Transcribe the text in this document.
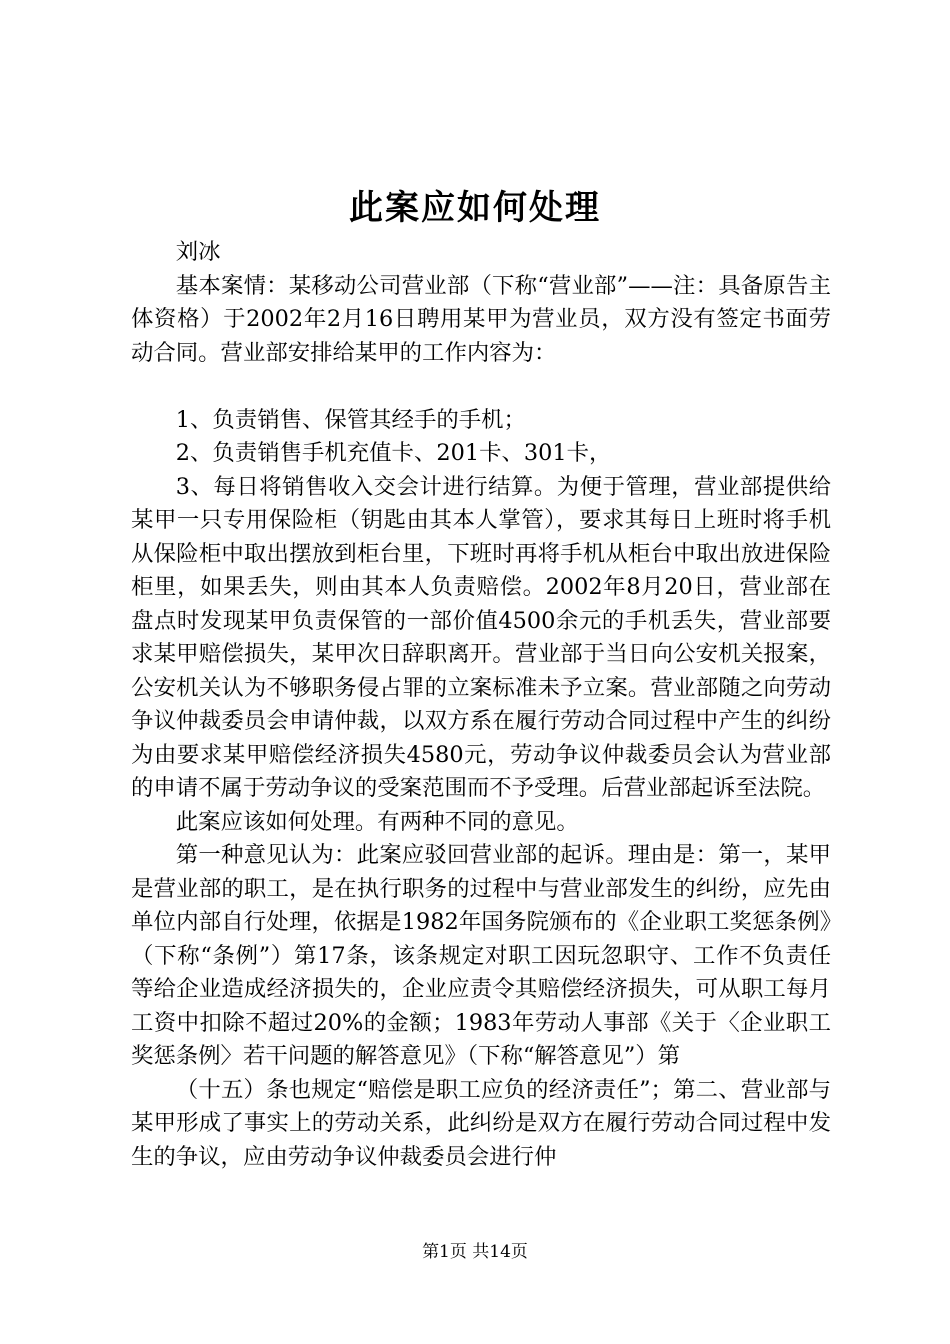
此案应如何处理

刘冰

基本案情：某移动公司营业部（下称“营业部”——注：具备原告主体资格）于2002年2月16日聘用某甲为营业员，双方没有签定书面劳动合同。营业部安排给某甲的工作内容为：

1、负责销售、保管其经手的手机；

2、负责销售手机充值卡、201卡、301卡，

3、每日将销售收入交会计进行结算。为便于管理，营业部提供给某甲一只专用保险柜（钥匙由其本人掌管），要求其每日上班时将手机从保险柜中取出摆放到柜台里，下班时再将手机从柜台中取出放进保险柜里，如果丢失，则由其本人负责赔偿。2002年8月20日，营业部在盘点时发现某甲负责保管的一部价值4500余元的手机丢失，营业部要求某甲赔偿损失，某甲次日辞职离开。营业部于当日向公安机关报案，公安机关认为不够职务侵占罪的立案标准未予立案。营业部随之向劳动争议仲裁委员会申请仲裁，以双方系在履行劳动合同过程中产生的纠纷为由要求某甲赔偿经济损失4580元，劳动争议仲裁委员会认为营业部的申请不属于劳动争议的受案范围而不予受理。后营业部起诉至法院。

此案应该如何处理。有两种不同的意见。

第一种意见认为：此案应驳回营业部的起诉。理由是：第一，某甲是营业部的职工，是在执行职务的过程中与营业部发生的纠纷，应先由单位内部自行处理，依据是1982年国务院颁布的《企业职工奖惩条例》（下称“条例”）第17条，该条规定对职工因玩忽职守、工作不负责任等给企业造成经济损失的，企业应责令其赔偿经济损失，可从职工每月工资中扣除不超过20%的金额；1983年劳动人事部《关于〈企业职工奖惩条例〉若干问题的解答意见》（下称“解答意见”）第

（十五）条也规定“赔偿是职工应负的经济责任”；第二、营业部与某甲形成了事实上的劳动关系，此纠纷是双方在履行劳动合同过程中发生的争议，应由劳动争议仲裁委员会进行仲

第1页 共14页
